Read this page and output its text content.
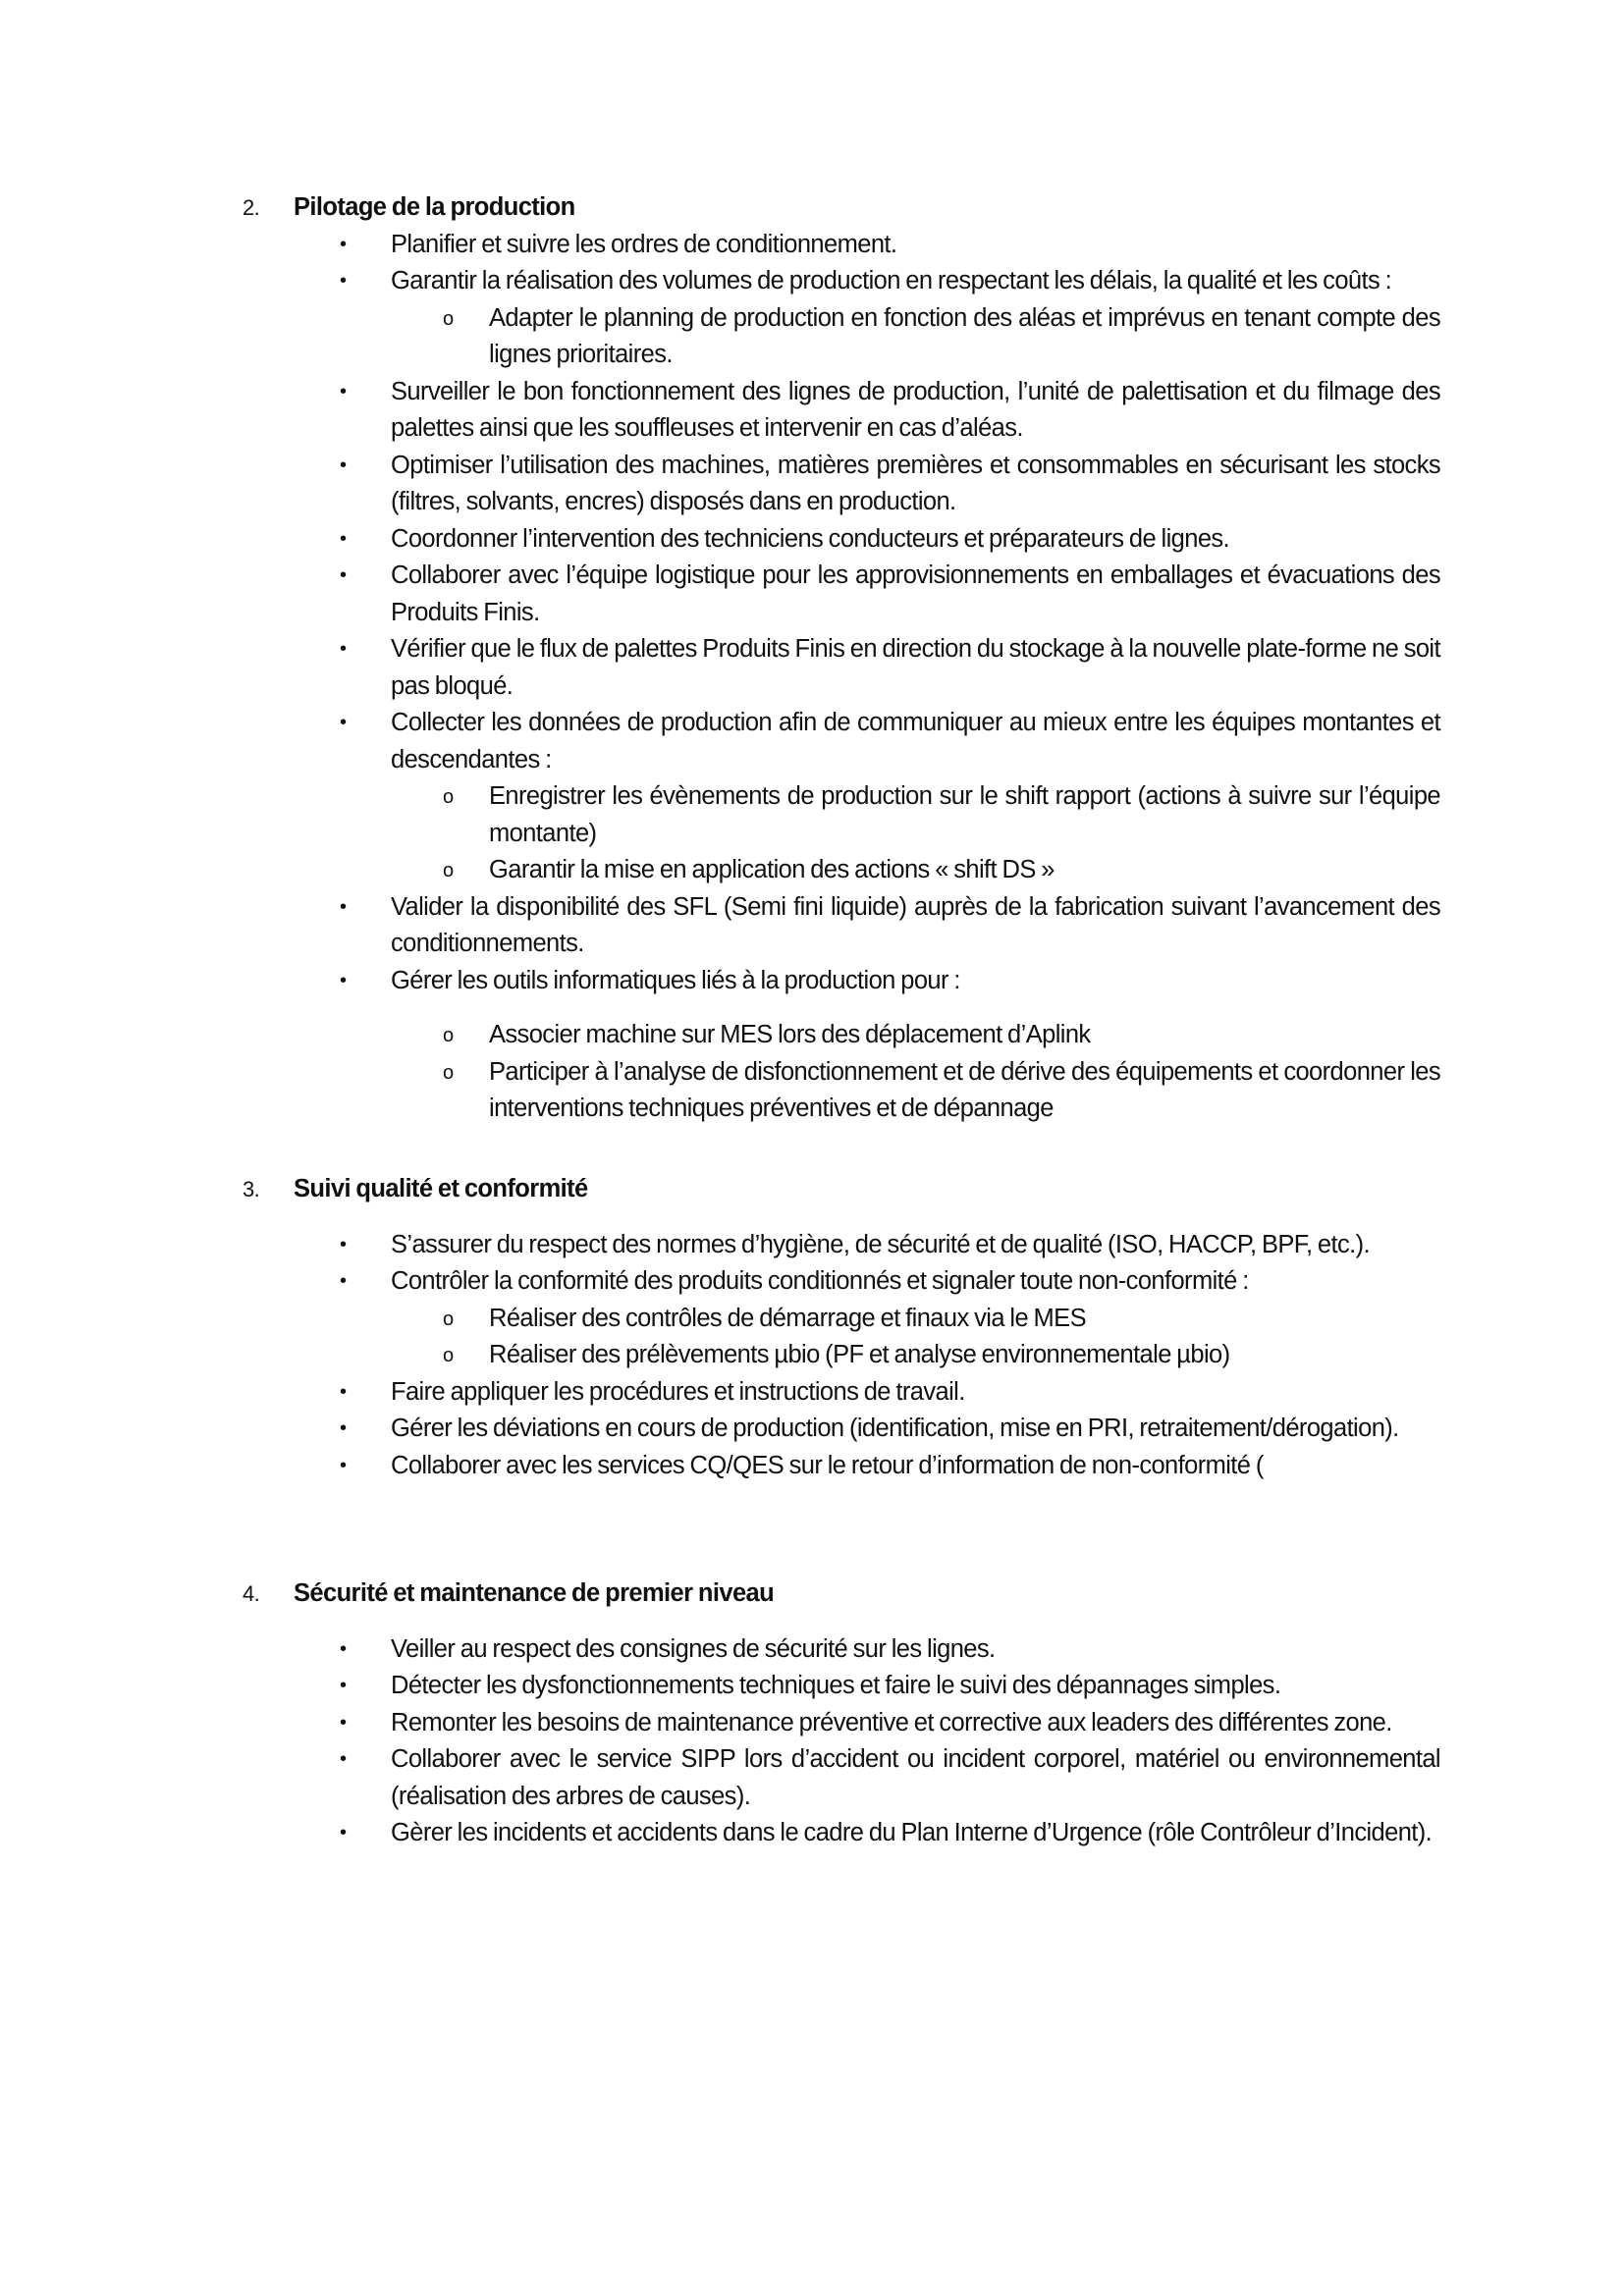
2. Pilotage de la production
• Planifier et suivre les ordres de conditionnement.
• Garantir la réalisation des volumes de production en respectant les délais, la qualité et les coûts :
o Adapter le planning de production en fonction des aléas et imprévus en tenant compte des lignes prioritaires.
• Surveiller le bon fonctionnement des lignes de production, l’unité de palettisation et du filmage des palettes ainsi que les souffleuses et intervenir en cas d’aléas.
• Optimiser l’utilisation des machines, matières premières et consommables en sécurisant les stocks (filtres, solvants, encres) disposés dans en production.
• Coordonner l’intervention des techniciens conducteurs et préparateurs de lignes.
• Collaborer avec l’équipe logistique pour les approvisionnements en emballages et évacuations des Produits Finis.
• Vérifier que le flux de palettes Produits Finis en direction du stockage à la nouvelle plate-forme ne soit pas bloqué.
• Collecter les données de production afin de communiquer au mieux entre les équipes montantes et descendantes :
o Enregistrer les évènements de production sur le shift rapport (actions à suivre sur l’équipe montante)
o Garantir la mise en application des actions « shift DS »
• Valider la disponibilité des SFL (Semi fini liquide) auprès de la fabrication suivant l’avancement des conditionnements.
• Gérer les outils informatiques liés à la production pour :
o Associer machine sur MES lors des déplacement d’Aplink
o Participer à l’analyse de disfonctionnement et de dérive des équipements et coordonner les interventions techniques préventives et de dépannage
3. Suivi qualité et conformité
• S’assurer du respect des normes d’hygiène, de sécurité et de qualité (ISO, HACCP, BPF, etc.).
• Contrôler la conformité des produits conditionnés et signaler toute non-conformité :
o Réaliser des contrôles de démarrage et finaux via le MES
o Réaliser des prélèvements µbio (PF et analyse environnementale µbio)
• Faire appliquer les procédures et instructions de travail.
• Gérer les déviations en cours de production (identification, mise en PRI, retraitement/dérogation).
• Collaborer avec les services CQ/QES sur le retour d’information de non-conformité (
4. Sécurité et maintenance de premier niveau
• Veiller au respect des consignes de sécurité sur les lignes.
• Détecter les dysfonctionnements techniques et faire le suivi des dépannages simples.
• Remonter les besoins de maintenance préventive et corrective aux leaders des différentes zone.
• Collaborer avec le service SIPP lors d’accident ou incident corporel, matériel ou environnemental (réalisation des arbres de causes).
• Gèrer les incidents et accidents dans le cadre du Plan Interne d’Urgence (rôle Contrôleur d’Incident).
